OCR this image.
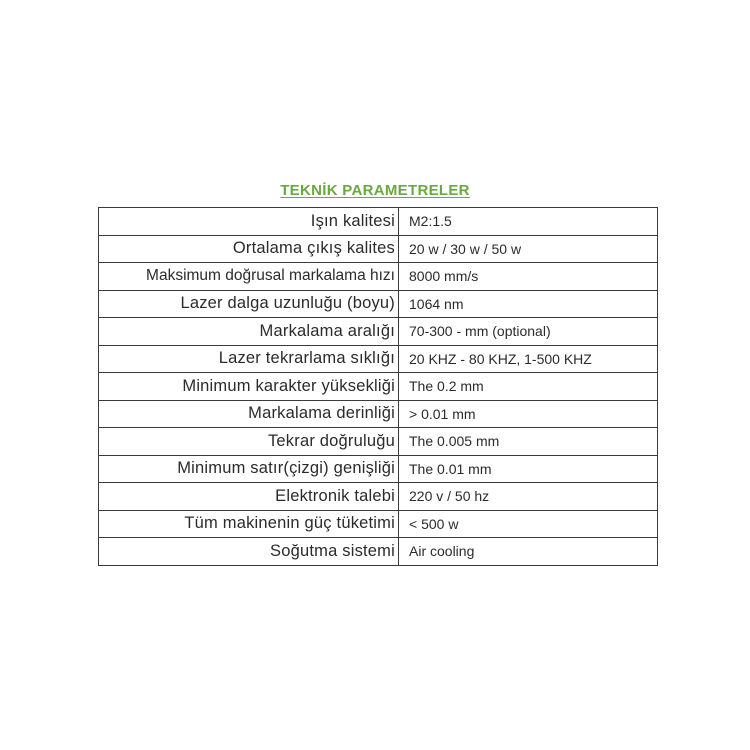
TEKNİK PARAMETRELER
Işın kalitesi	M2:1.5
Ortalama çıkış kalites	20 w / 30 w / 50 w
Maksimum doğrusal markalama hızı	8000 mm/s
Lazer dalga uzunluğu (boyu)	1064 nm
Markalama aralığı	70-300 - mm (optional)
Lazer tekrarlama sıklığı	20 KHZ - 80 KHZ, 1-500 KHZ
Minimum karakter yüksekliği	The 0.2 mm
Markalama derinliği	> 0.01 mm
Tekrar doğruluğu	The 0.005 mm
Minimum satır(çizgi) genişliği	The 0.01 mm
Elektronik talebi	220 v / 50 hz
Tüm makinenin güç tüketimi	< 500 w
Soğutma sistemi	Air cooling
